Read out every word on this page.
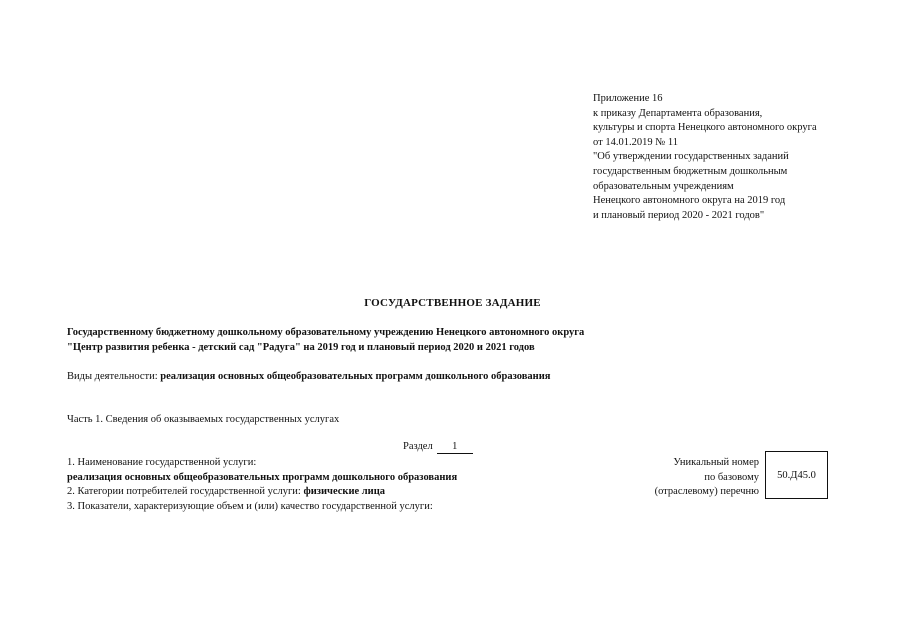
Приложение 16
к приказу Департамента образования,
культуры и спорта Ненецкого автономного округа
от 14.01.2019 № 11
"Об утверждении государственных заданий
государственным бюджетным дошкольным
образовательным учреждениям
Ненецкого автономного округа на 2019 год
и плановый период 2020 - 2021 годов"
ГОСУДАРСТВЕННОЕ ЗАДАНИЕ
Государственному бюджетному дошкольному образовательному учреждению Ненецкого автономного округа
"Центр развития ребенка - детский сад "Радуга" на 2019 год и плановый период 2020 и 2021 годов
Виды деятельности: реализация основных общеобразовательных программ дошкольного образования
Часть 1. Сведения об оказываемых государственных услугах
Раздел 1
1. Наименование государственной услуги:
реализация основных общеобразовательных программ дошкольного образования
2. Категории потребителей государственной услуги: физические лица
3. Показатели, характеризующие объем и (или) качество государственной услуги:
Уникальный номер
по базовому
(отраслевому) перечню
50.Д45.0
